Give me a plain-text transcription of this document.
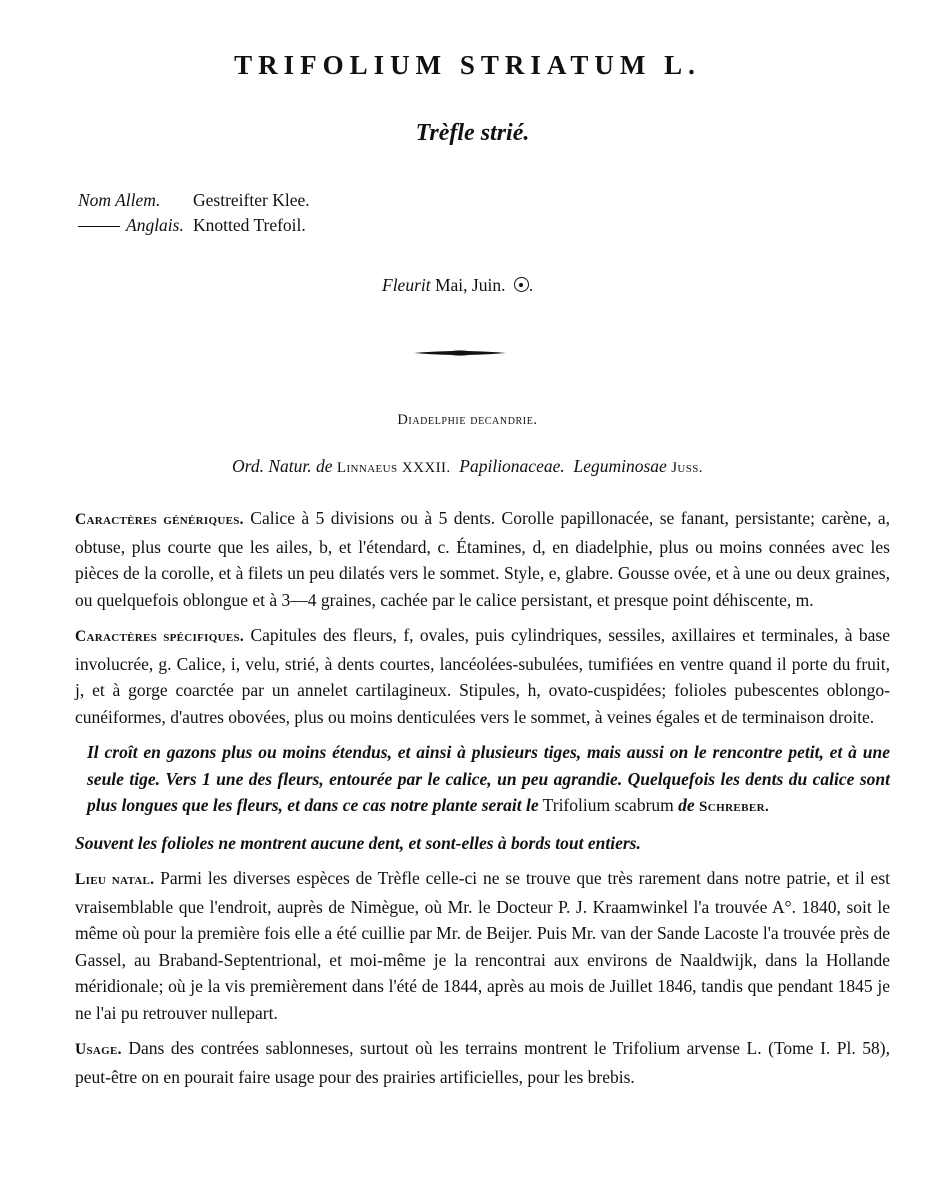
TRIFOLIUM STRIATUM L.
Trèfle strié.
Nom Allem. Gestreifter Klee.
Anglais. Knotted Trefoil.
Fleurit Mai, Juin. .
Diadelphie decandrie.
Ord. Natur. de Linnaeus XXXII. Papilionaceae. Leguminosae Juss.

Caractères génériques. Calice à 5 divisions ou à 5 dents. Corolle papillonacée, se fanant, persistante; carène, a, obtuse, plus courte que les ailes, b, et l'étendard, c. Étamines, d, en diadelphie, plus ou moins connées avec les pièces de la corolle, et à filets un peu dilatés vers le sommet. Style, e, glabre. Gousse ovée, et à une ou deux graines, ou quelquefois oblongue et à 3—4 graines, cachée par le calice persistant, et presque point déhiscente, m.

Caractères spécifiques. Capitules des fleurs, f, ovales, puis cylindriques, sessiles, axillaires et terminales, à base involucrée, g. Calice, i, velu, strié, à dents courtes, lancéolées-subulées, tumifiées en ventre quand il porte du fruit, j, et à gorge coarctée par un annelet cartilagineux. Stipules, h, ovato-cuspidées; folioles pubescentes oblongo-cunéiformes, d'autres obovées, plus ou moins denticulées vers le sommet, à veines égales et de terminaison droite.

Il croît en gazons plus ou moins étendus, et ainsi à plusieurs tiges, mais aussi on le rencontre petit, et à une seule tige. Vers 1 une des fleurs, entourée par le calice, un peu agrandie. Quelquefois les dents du calice sont plus longues que les fleurs, et dans ce cas notre plante serait le Trifolium scabrum de Schreber.

Souvent les folioles ne montrent aucune dent, et sont-elles à bords tout entiers.

Lieu natal. Parmi les diverses espèces de Trèfle celle-ci ne se trouve que très rarement dans notre patrie, et il est vraisemblable que l'endroit, auprès de Nimègue, où Mr. le Docteur P. J. Kraamwinkel l'a trouvée A°. 1840, soit le même où pour la première fois elle a été cuillie par Mr. de Beijer. Puis Mr. van der Sande Lacoste l'a trouvée près de Gassel, au Braband-Septentrional, et moi-même je la rencontrai aux environs de Naaldwijk, dans la Hollande méridionale; où je la vis premièrement dans l'été de 1844, après au mois de Juillet 1846, tandis que pendant 1845 je ne l'ai pu retrouver nullepart.

Usage. Dans des contrées sablonneses, surtout où les terrains montrent le Trifolium arvense L. (Tome I. Pl. 58), peut-être on en pourait faire usage pour des prairies artificielles, pour les brebis.
